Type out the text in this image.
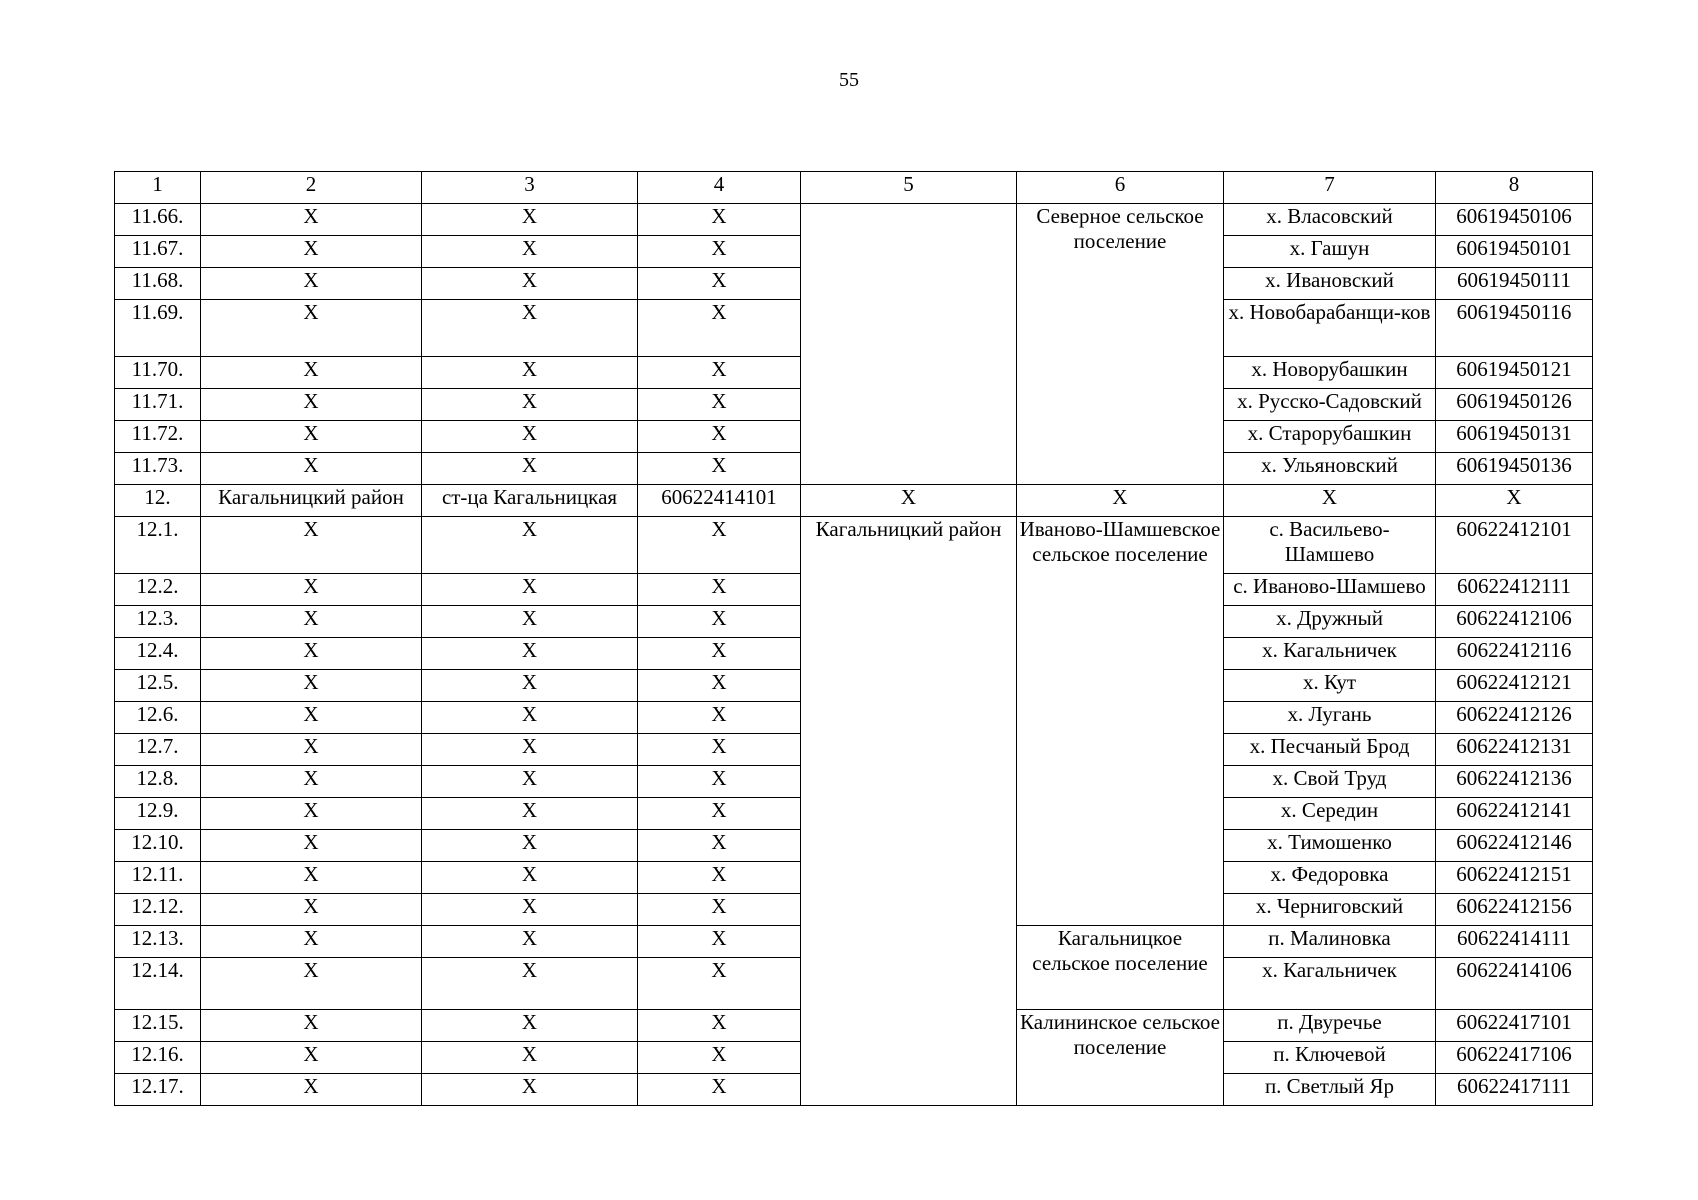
55
1	2	3	4	5	6	7	8
11.66.	Х	Х	Х		Северное сельское поселение	х. Власовский	60619450106
11.67.	Х	Х	Х			х. Гашун	60619450101
11.68.	Х	Х	Х			х. Ивановский	60619450111
11.69.	Х	Х	Х			х. Новобарабанщи-ков	60619450116
11.70.	Х	Х	Х			х. Новорубашкин	60619450121
11.71.	Х	Х	Х			х. Русско-Садовский	60619450126
11.72.	Х	Х	Х			х. Старорубашкин	60619450131
11.73.	Х	Х	Х			х. Ульяновский	60619450136
12.	Кагальницкий район	ст-ца Кагальницкая	60622414101	Х	Х	Х	Х
12.1.	Х	Х	Х	Кагальницкий район	Иваново-Шамшевское сельское поселение	с. Васильево-Шамшево	60622412101
12.2.	Х	Х	Х			с. Иваново-Шамшево	60622412111
12.3.	Х	Х	Х			х. Дружный	60622412106
12.4.	Х	Х	Х			х. Кагальничек	60622412116
12.5.	Х	Х	Х			х. Кут	60622412121
12.6.	Х	Х	Х			х. Лугань	60622412126
12.7.	Х	Х	Х			х. Песчаный Брод	60622412131
12.8.	Х	Х	Х			х. Свой Труд	60622412136
12.9.	Х	Х	Х			х. Середин	60622412141
12.10.	Х	Х	Х			х. Тимошенко	60622412146
12.11.	Х	Х	Х			х. Федоровка	60622412151
12.12.	Х	Х	Х			х. Черниговский	60622412156
12.13.	Х	Х	Х		Кагальницкое сельское поселение	п. Малиновка	60622414111
12.14.	Х	Х	Х			х. Кагальничек	60622414106
12.15.	Х	Х	Х		Калининское сельское поселение	п. Двуречье	60622417101
12.16.	Х	Х	Х			п. Ключевой	60622417106
12.17.	Х	Х	Х			п. Светлый Яр	60622417111
